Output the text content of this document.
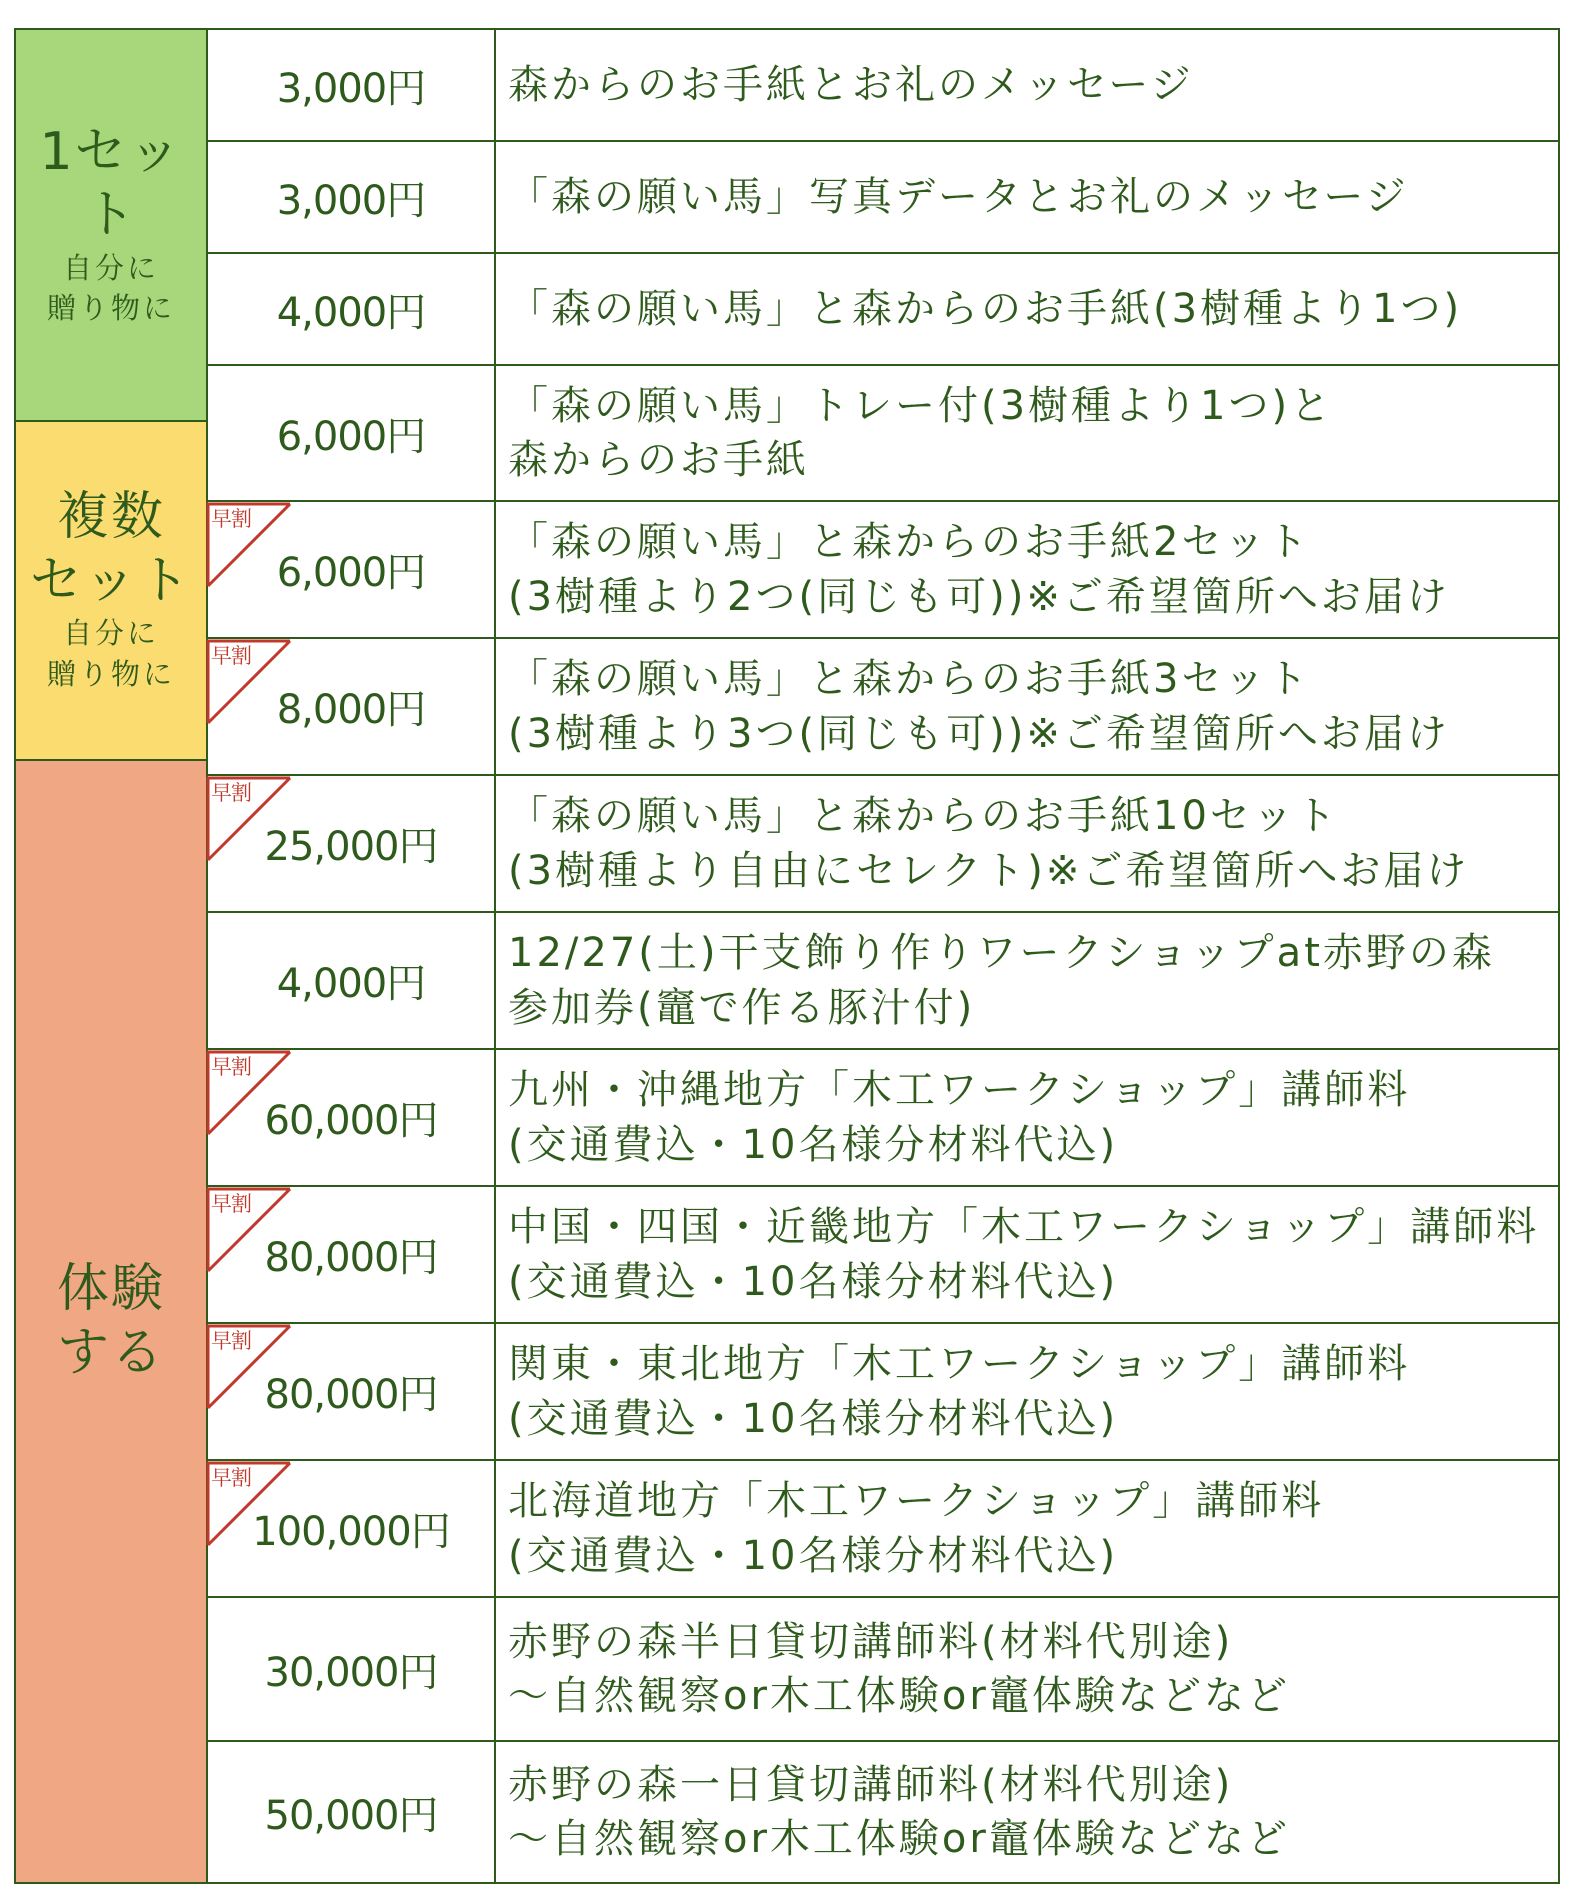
1セット
自分に
贈り物に
複数
セット
自分に
贈り物に
体験
する
3,000円 森からのお手紙とお礼のメッセージ
3,000円 「森の願い馬」写真データとお礼のメッセージ
4,000円 「森の願い馬」と森からのお手紙(3樹種より1つ)
6,000円
「森の願い馬」トレー付(3樹種より1つ)と
森からのお手紙
早割
6,000円
「森の願い馬」と森からのお手紙2セット
(3樹種より2つ(同じも可))※ご希望箇所へお届け
早割
8,000円
「森の願い馬」と森からのお手紙3セット
(3樹種より3つ(同じも可))※ご希望箇所へお届け
早割
25,000円
「森の願い馬」と森からのお手紙10セット
(3樹種より自由にセレクト)※ご希望箇所へお届け
4,000円
12/27(土)干支飾り作りワークショップat赤野の森
参加券(竈で作る豚汁付)
早割
60,000円
九州・沖縄地方「木工ワークショップ」講師料
(交通費込・10名様分材料代込)
早割
80,000円
中国・四国・近畿地方「木工ワークショップ」講師料
(交通費込・10名様分材料代込)
早割
80,000円
関東・東北地方「木工ワークショップ」講師料
(交通費込・10名様分材料代込)
早割
100,000円
北海道地方「木工ワークショップ」講師料
(交通費込・10名様分材料代込)
30,000円
赤野の森半日貸切講師料(材料代別途)
〜自然観察or木工体験or竈体験などなど
50,000円
赤野の森一日貸切講師料(材料代別途)
〜自然観察or木工体験or竈体験などなど
